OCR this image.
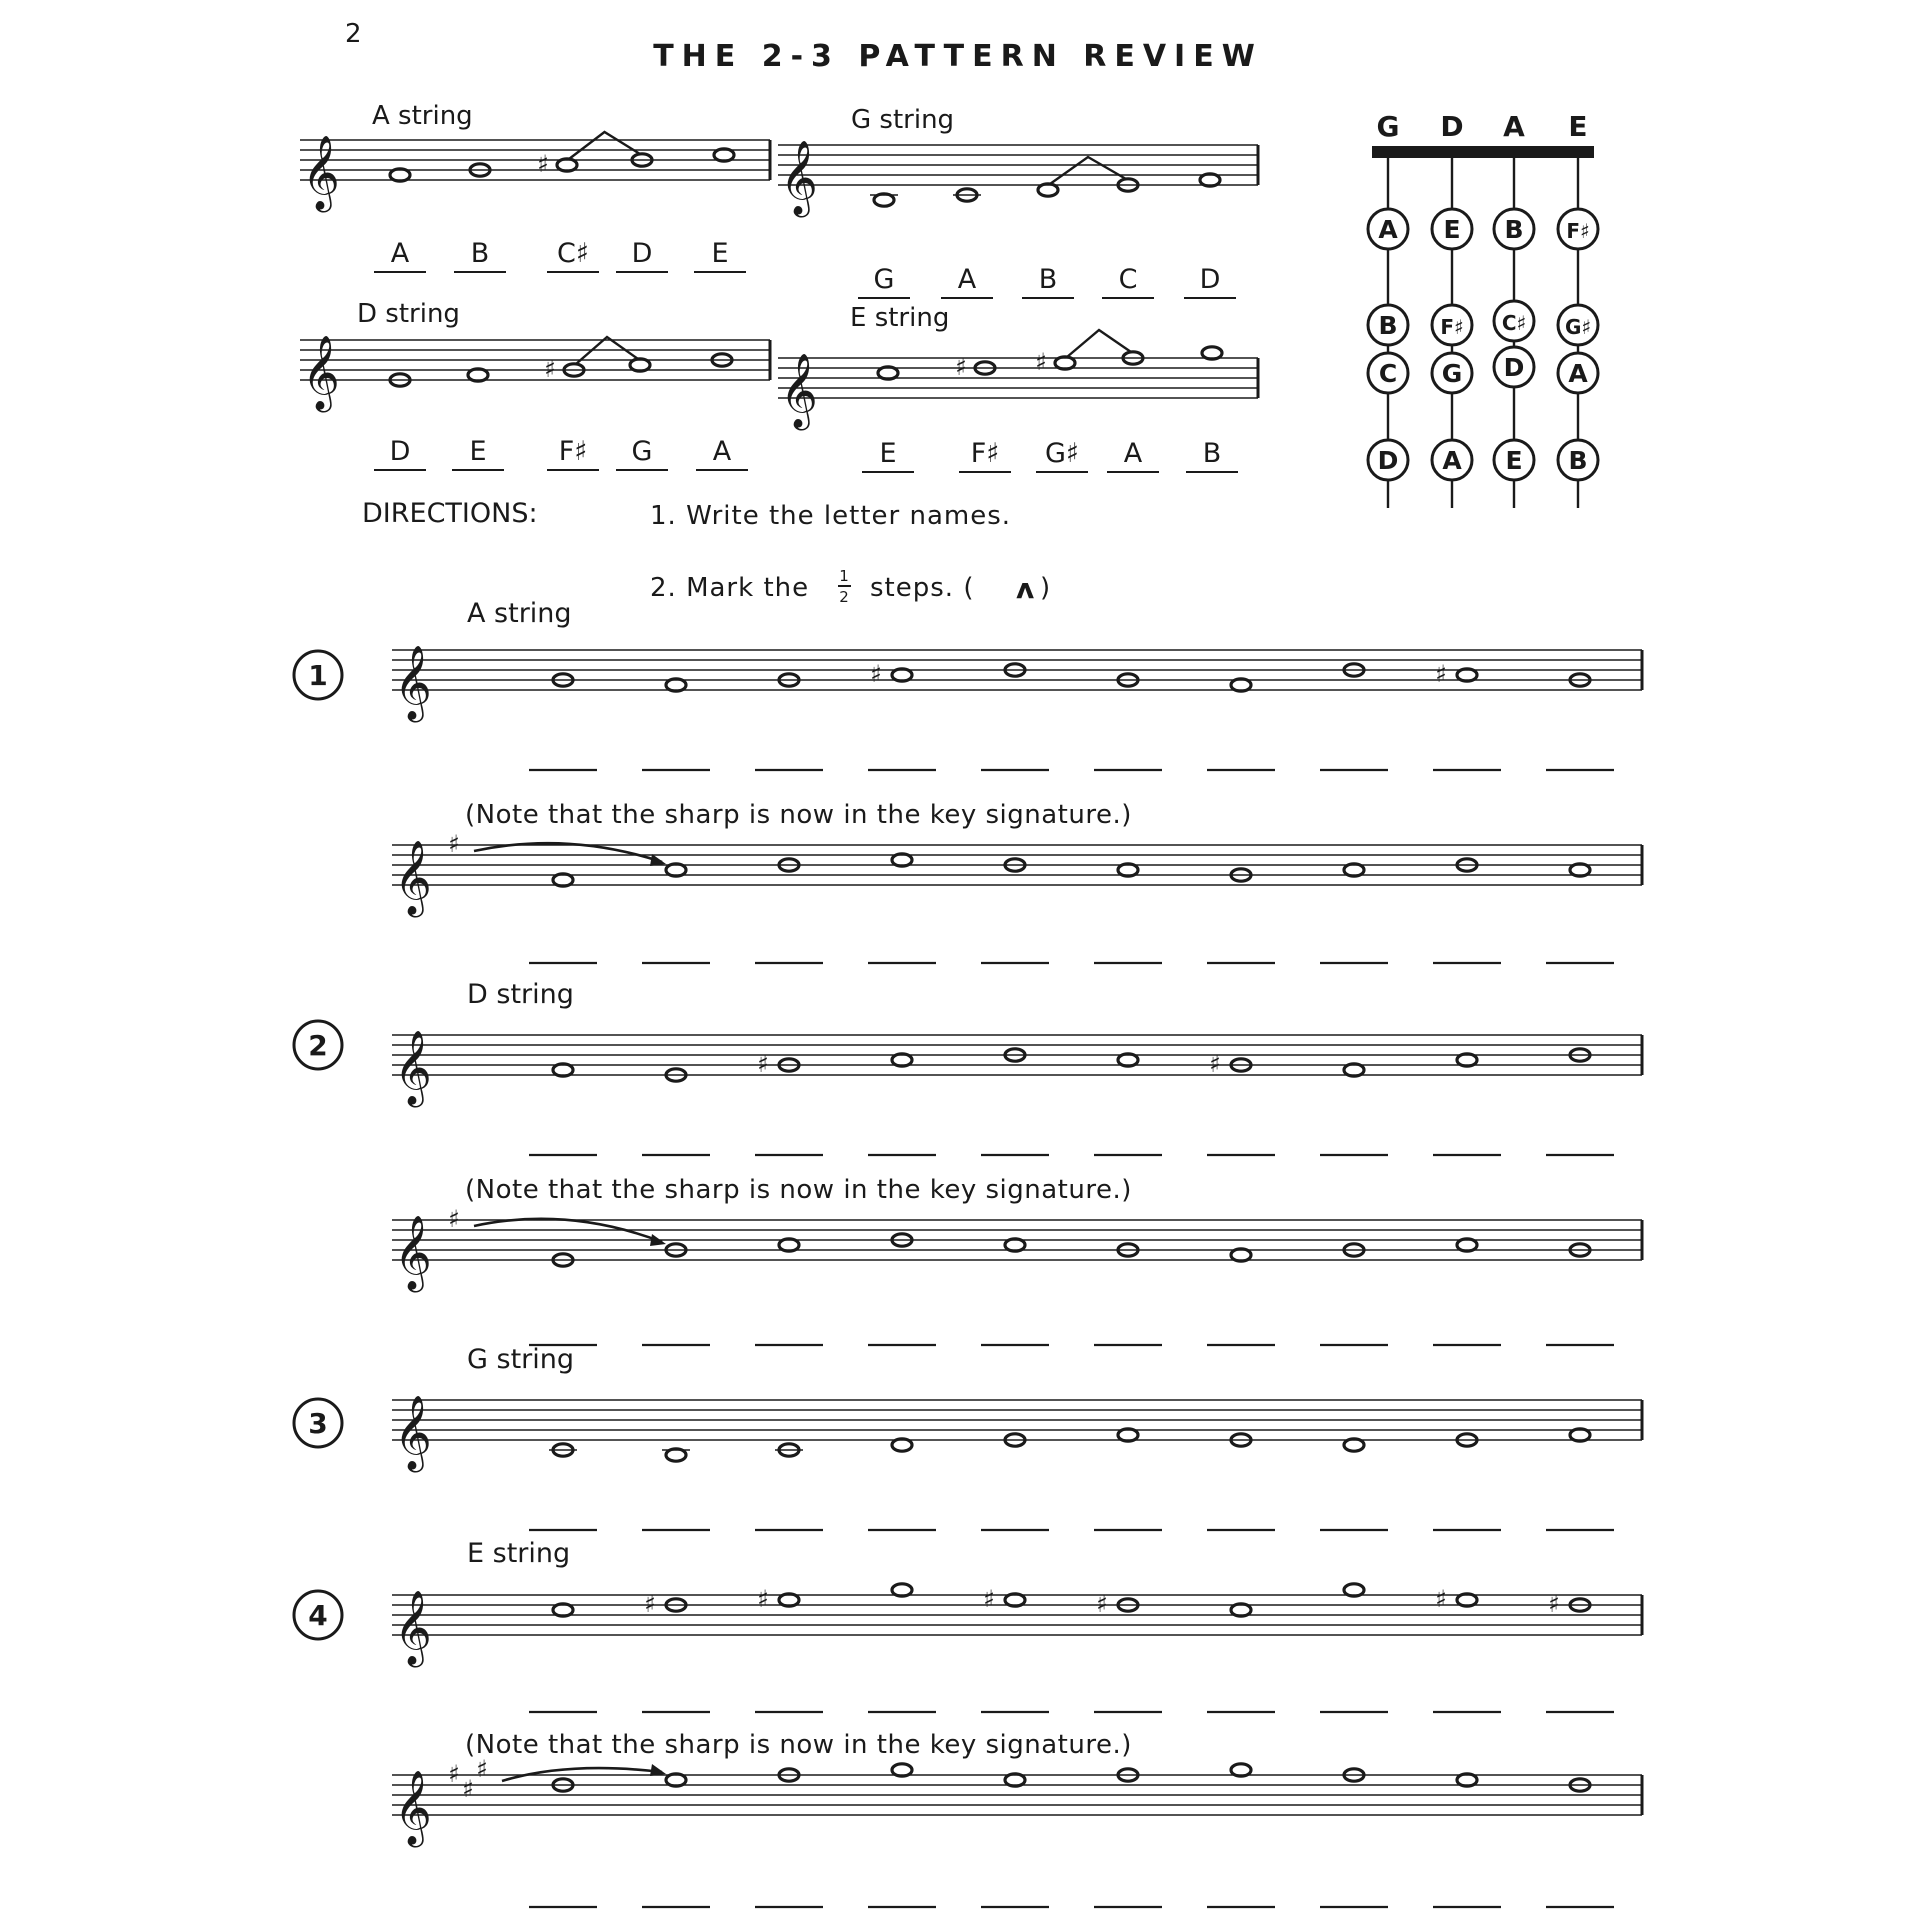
2
THE 2-3 PATTERN REVIEW
𝄞
A string
♯
A B	C♯ D E
𝄞
G string
G A B C D
𝄞
D string
♯
D E	F♯ G A
𝄞
E string
♯	♯
E	F♯ G♯ A B
G D A E
A E B F♯
B F♯ C♯ G♯
C G D A
D A E B
DIRECTIONS:	1. Write the letter names.
2. Mark the 1
2 steps. ( ʌ )
𝄞
1
A string
♯	♯
𝄞
(Note that the sharp is now in the key signature.)
♯
𝄞
2
D string
♯	♯
𝄞
(Note that the sharp is now in the key signature.)
♯
𝄞
3
G string
𝄞
4
E string
♯	♯	♯	♯	♯	♯
𝄞
(Note that the sharp is now in the key signature.)
♯
♯
♯
